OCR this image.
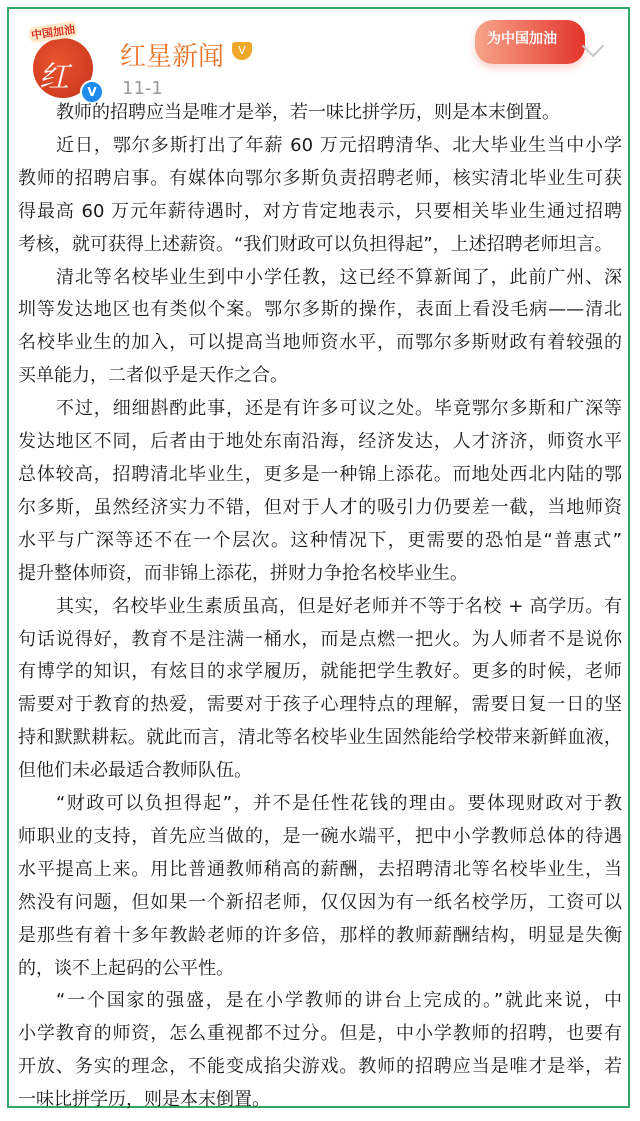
中国加油
红星
V
红星新闻	V
11-1
为中国加油
教师的招聘应当是唯才是举，若一味比拼学历，则是本末倒置。
近日，鄂尔多斯打出了年薪 60 万元招聘清华、北大毕业生当中小学
教师的招聘启事。有媒体向鄂尔多斯负责招聘老师，核实清北毕业生可获
得最高 60 万元年薪待遇时，对方肯定地表示，只要相关毕业生通过招聘
考核，就可获得上述薪资。“我们财政可以负担得起”，上述招聘老师坦言。
清北等名校毕业生到中小学任教，这已经不算新闻了，此前广州、深
圳等发达地区也有类似个案。鄂尔多斯的操作，表面上看没毛病——清北
名校毕业生的加入，可以提高当地师资水平，而鄂尔多斯财政有着较强的
买单能力，二者似乎是天作之合。
不过，细细斟酌此事，还是有许多可议之处。毕竟鄂尔多斯和广深等
发达地区不同，后者由于地处东南沿海，经济发达，人才济济，师资水平
总体较高，招聘清北毕业生，更多是一种锦上添花。而地处西北内陆的鄂
尔多斯，虽然经济实力不错，但对于人才的吸引力仍要差一截，当地师资
水平与广深等还不在一个层次。这种情况下，更需要的恐怕是“普惠式”
提升整体师资，而非锦上添花，拼财力争抢名校毕业生。
其实，名校毕业生素质虽高，但是好老师并不等于名校 + 高学历。有
句话说得好，教育不是注满一桶水，而是点燃一把火。为人师者不是说你
有博学的知识，有炫目的求学履历，就能把学生教好。更多的时候，老师
需要对于教育的热爱，需要对于孩子心理特点的理解，需要日复一日的坚
持和默默耕耘。就此而言，清北等名校毕业生固然能给学校带来新鲜血液，
但他们未必最适合教师队伍。
“财政可以负担得起”，并不是任性花钱的理由。要体现财政对于教
师职业的支持，首先应当做的，是一碗水端平，把中小学教师总体的待遇
水平提高上来。用比普通教师稍高的薪酬，去招聘清北等名校毕业生，当
然没有问题，但如果一个新招老师，仅仅因为有一纸名校学历，工资可以
是那些有着十多年教龄老师的许多倍，那样的教师薪酬结构，明显是失衡
的，谈不上起码的公平性。
“一个国家的强盛，是在小学教师的讲台上完成的。”就此来说，中
小学教育的师资，怎么重视都不过分。但是，中小学教师的招聘，也要有
开放、务实的理念，不能变成掐尖游戏。教师的招聘应当是唯才是举，若
一味比拼学历，则是本末倒置。
